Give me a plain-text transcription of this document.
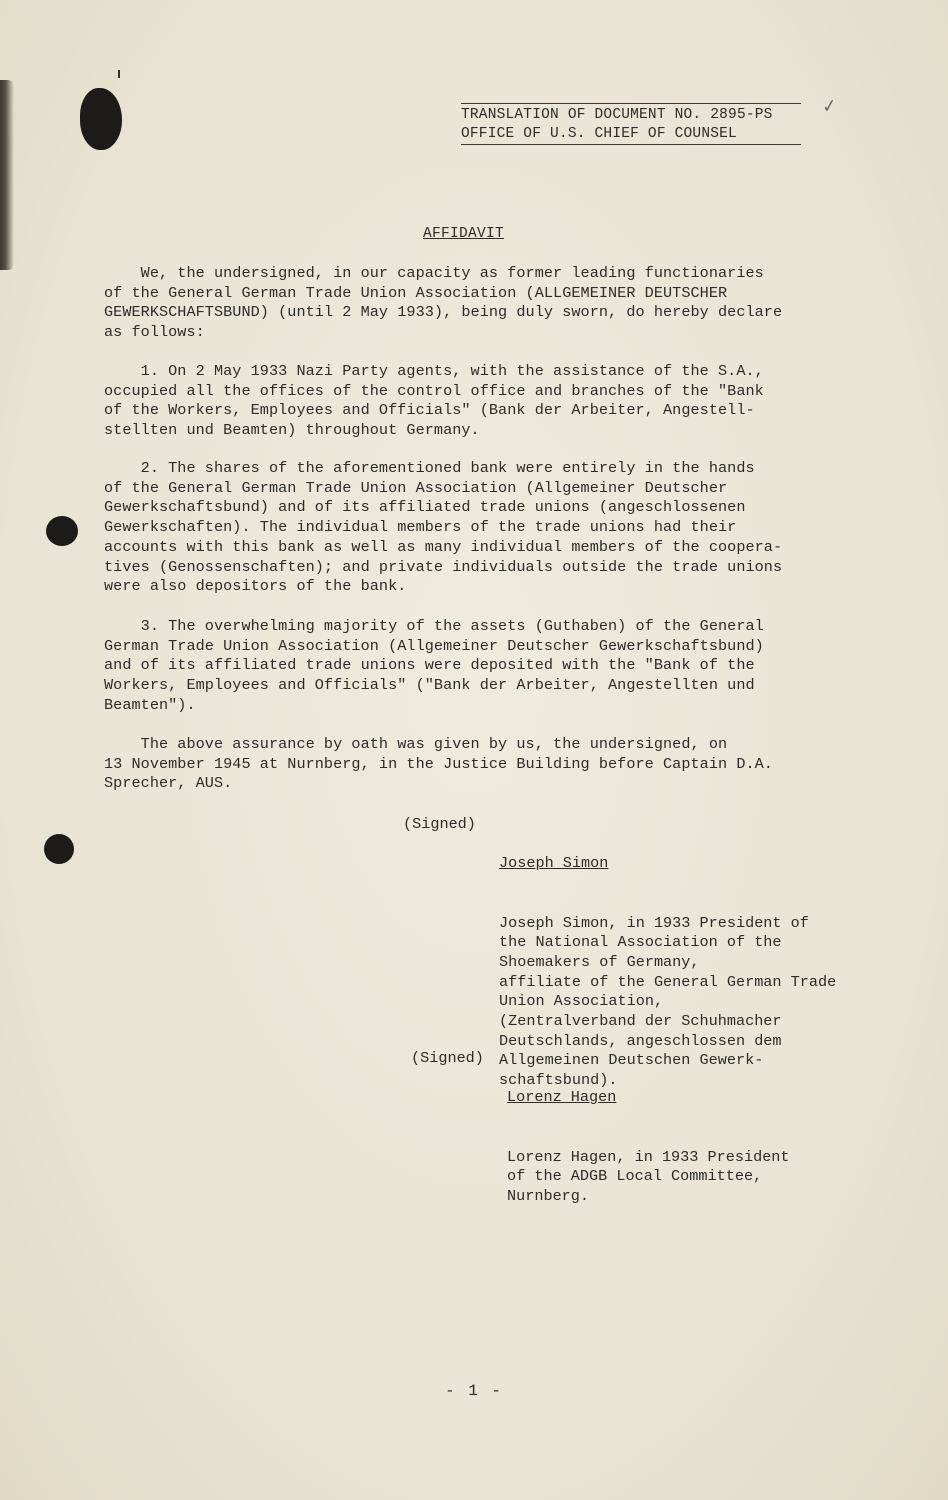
TRANSLATION OF DOCUMENT NO. 2895-PS
OFFICE OF U.S. CHIEF OF COUNSEL
✓
AFFIDAVIT
We, the undersigned, in our capacity as former leading functionaries
of the General German Trade Union Association (ALLGEMEINER DEUTSCHER
GEWERKSCHAFTSBUND) (until 2 May 1933), being duly sworn, do hereby declare
as follows:
1. On 2 May 1933 Nazi Party agents, with the assistance of the S.A.,
occupied all the offices of the control office and branches of the "Bank
of the Workers, Employees and Officials" (Bank der Arbeiter, Angestell-
stellten und Beamten) throughout Germany.
2. The shares of the aforementioned bank were entirely in the hands
of the General German Trade Union Association (Allgemeiner Deutscher
Gewerkschaftsbund) and of its affiliated trade unions (angeschlossenen
Gewerkschaften). The individual members of the trade unions had their
accounts with this bank as well as many individual members of the coopera-
tives (Genossenschaften); and private individuals outside the trade unions
were also depositors of the bank.
3. The overwhelming majority of the assets (Guthaben) of the General
German Trade Union Association (Allgemeiner Deutscher Gewerkschaftsbund)
and of its affiliated trade unions were deposited with the "Bank of the
Workers, Employees and Officials" ("Bank der Arbeiter, Angestellten und
Beamten").
The above assurance by oath was given by us, the undersigned, on
13 November 1945 at Nurnberg, in the Justice Building before Captain D.A.
Sprecher, AUS.
(Signed)

Joseph Simon

Joseph Simon, in 1933 President of
the National Association of the
Shoemakers of Germany,
affiliate of the General German Trade
Union Association,
(Zentralverband der Schuhmacher
Deutschlands, angeschlossen dem
Allgemeinen Deutschen Gewerk-
schaftsbund).

(Signed)

Lorenz Hagen

Lorenz Hagen, in 1933 President
of the ADGB Local Committee,
Nurnberg.

- 1 -
